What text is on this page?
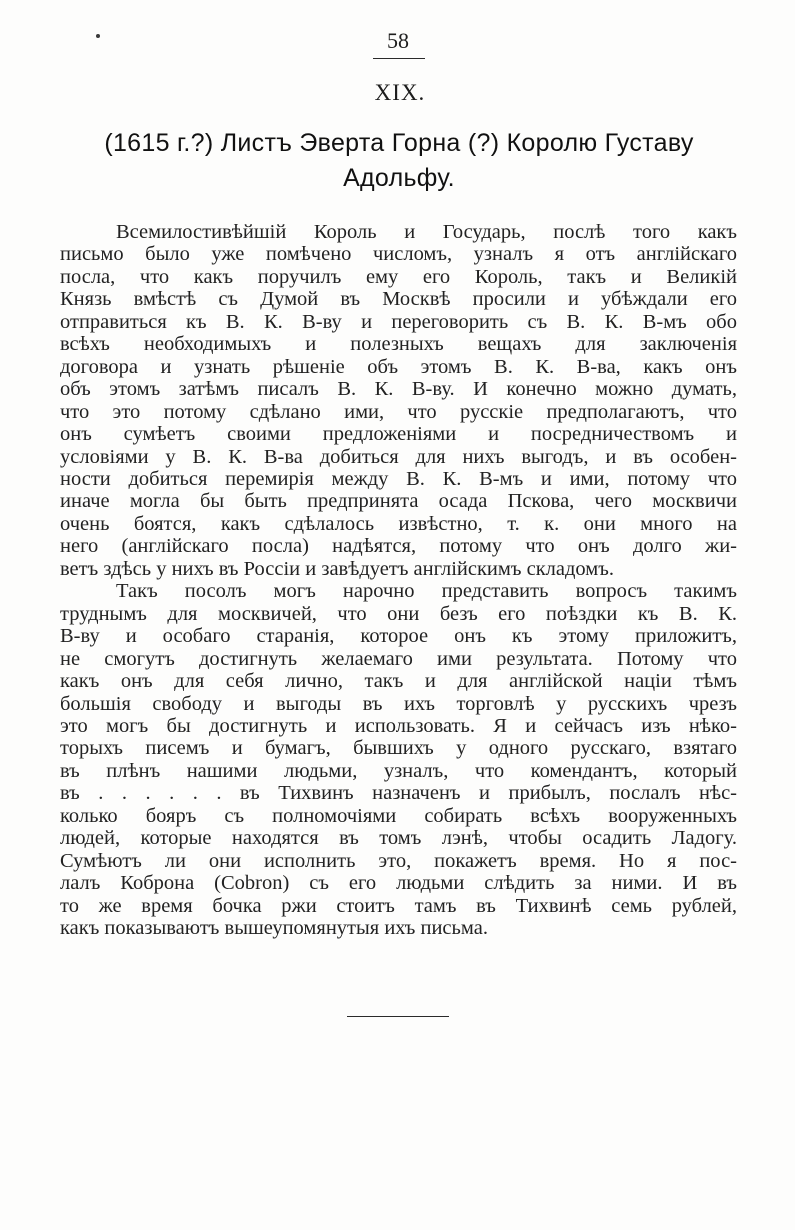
58
XIX.
(1615 г.?) Листъ Эверта Горна (?) Королю Густаву
Адольфу.
Всемилостивѣйшій Король и Государь, послѣ того какъ
письмо было уже помѣчено числомъ, узналъ я отъ англійскаго
посла, что какъ поручилъ ему его Король, такъ и Великій
Князь вмѣстѣ съ Думой въ Москвѣ просили и убѣждали его
отправиться къ В. К. В-ву и переговорить съ В. К. В-мъ обо
всѣхъ необходимыхъ и полезныхъ вещахъ для заключенія
договора и узнать рѣшеніе объ этомъ В. К. В-ва, какъ онъ
объ этомъ затѣмъ писалъ В. К. В-ву. И конечно можно думать,
что это потому сдѣлано ими, что русскіе предполагаютъ, что
онъ сумѣетъ своими предложеніями и посредничествомъ и
условіями у В. К. В-ва добиться для нихъ выгодъ, и въ особен-
ности добиться перемирія между В. К. В-мъ и ими, потому что
иначе могла бы быть предпринята осада Пскова, чего москвичи
очень боятся, какъ сдѣлалось извѣстно, т. к. они много на
него (англійскаго посла) надѣятся, потому что онъ долго жи-
ветъ здѣсь у нихъ въ Россіи и завѣдуетъ англійскимъ складомъ.
Такъ посолъ могъ нарочно представить вопросъ такимъ
труднымъ для москвичей, что они безъ его поѣздки къ В. К.
В-ву и особаго старанія, которое онъ къ этому приложитъ,
не смогутъ достигнуть желаемаго ими результата. Потому что
какъ онъ для себя лично, такъ и для англійской націи тѣмъ
большія свободу и выгоды въ ихъ торговлѣ у русскихъ чрезъ
это могъ бы достигнуть и использовать. Я и сейчасъ изъ нѣко-
торыхъ писемъ и бумагъ, бывшихъ у одного русскаго, взятаго
въ плѣнъ нашими людьми, узналъ, что комендантъ, который
въ . . . . . . въ Тихвинъ назначенъ и прибылъ, послалъ нѣс-
колько бояръ съ полномочіями собирать всѣхъ вооруженныхъ
людей, которые находятся въ томъ лэнѣ, чтобы осадить Ладогу.
Сумѣютъ ли они исполнить это, покажетъ время. Но я пос-
лалъ Коброна (Cobron) съ его людьми слѣдить за ними. И въ
то же время бочка ржи стоитъ тамъ въ Тихвинѣ семь рублей,
какъ показываютъ вышеупомянутыя ихъ письма.
